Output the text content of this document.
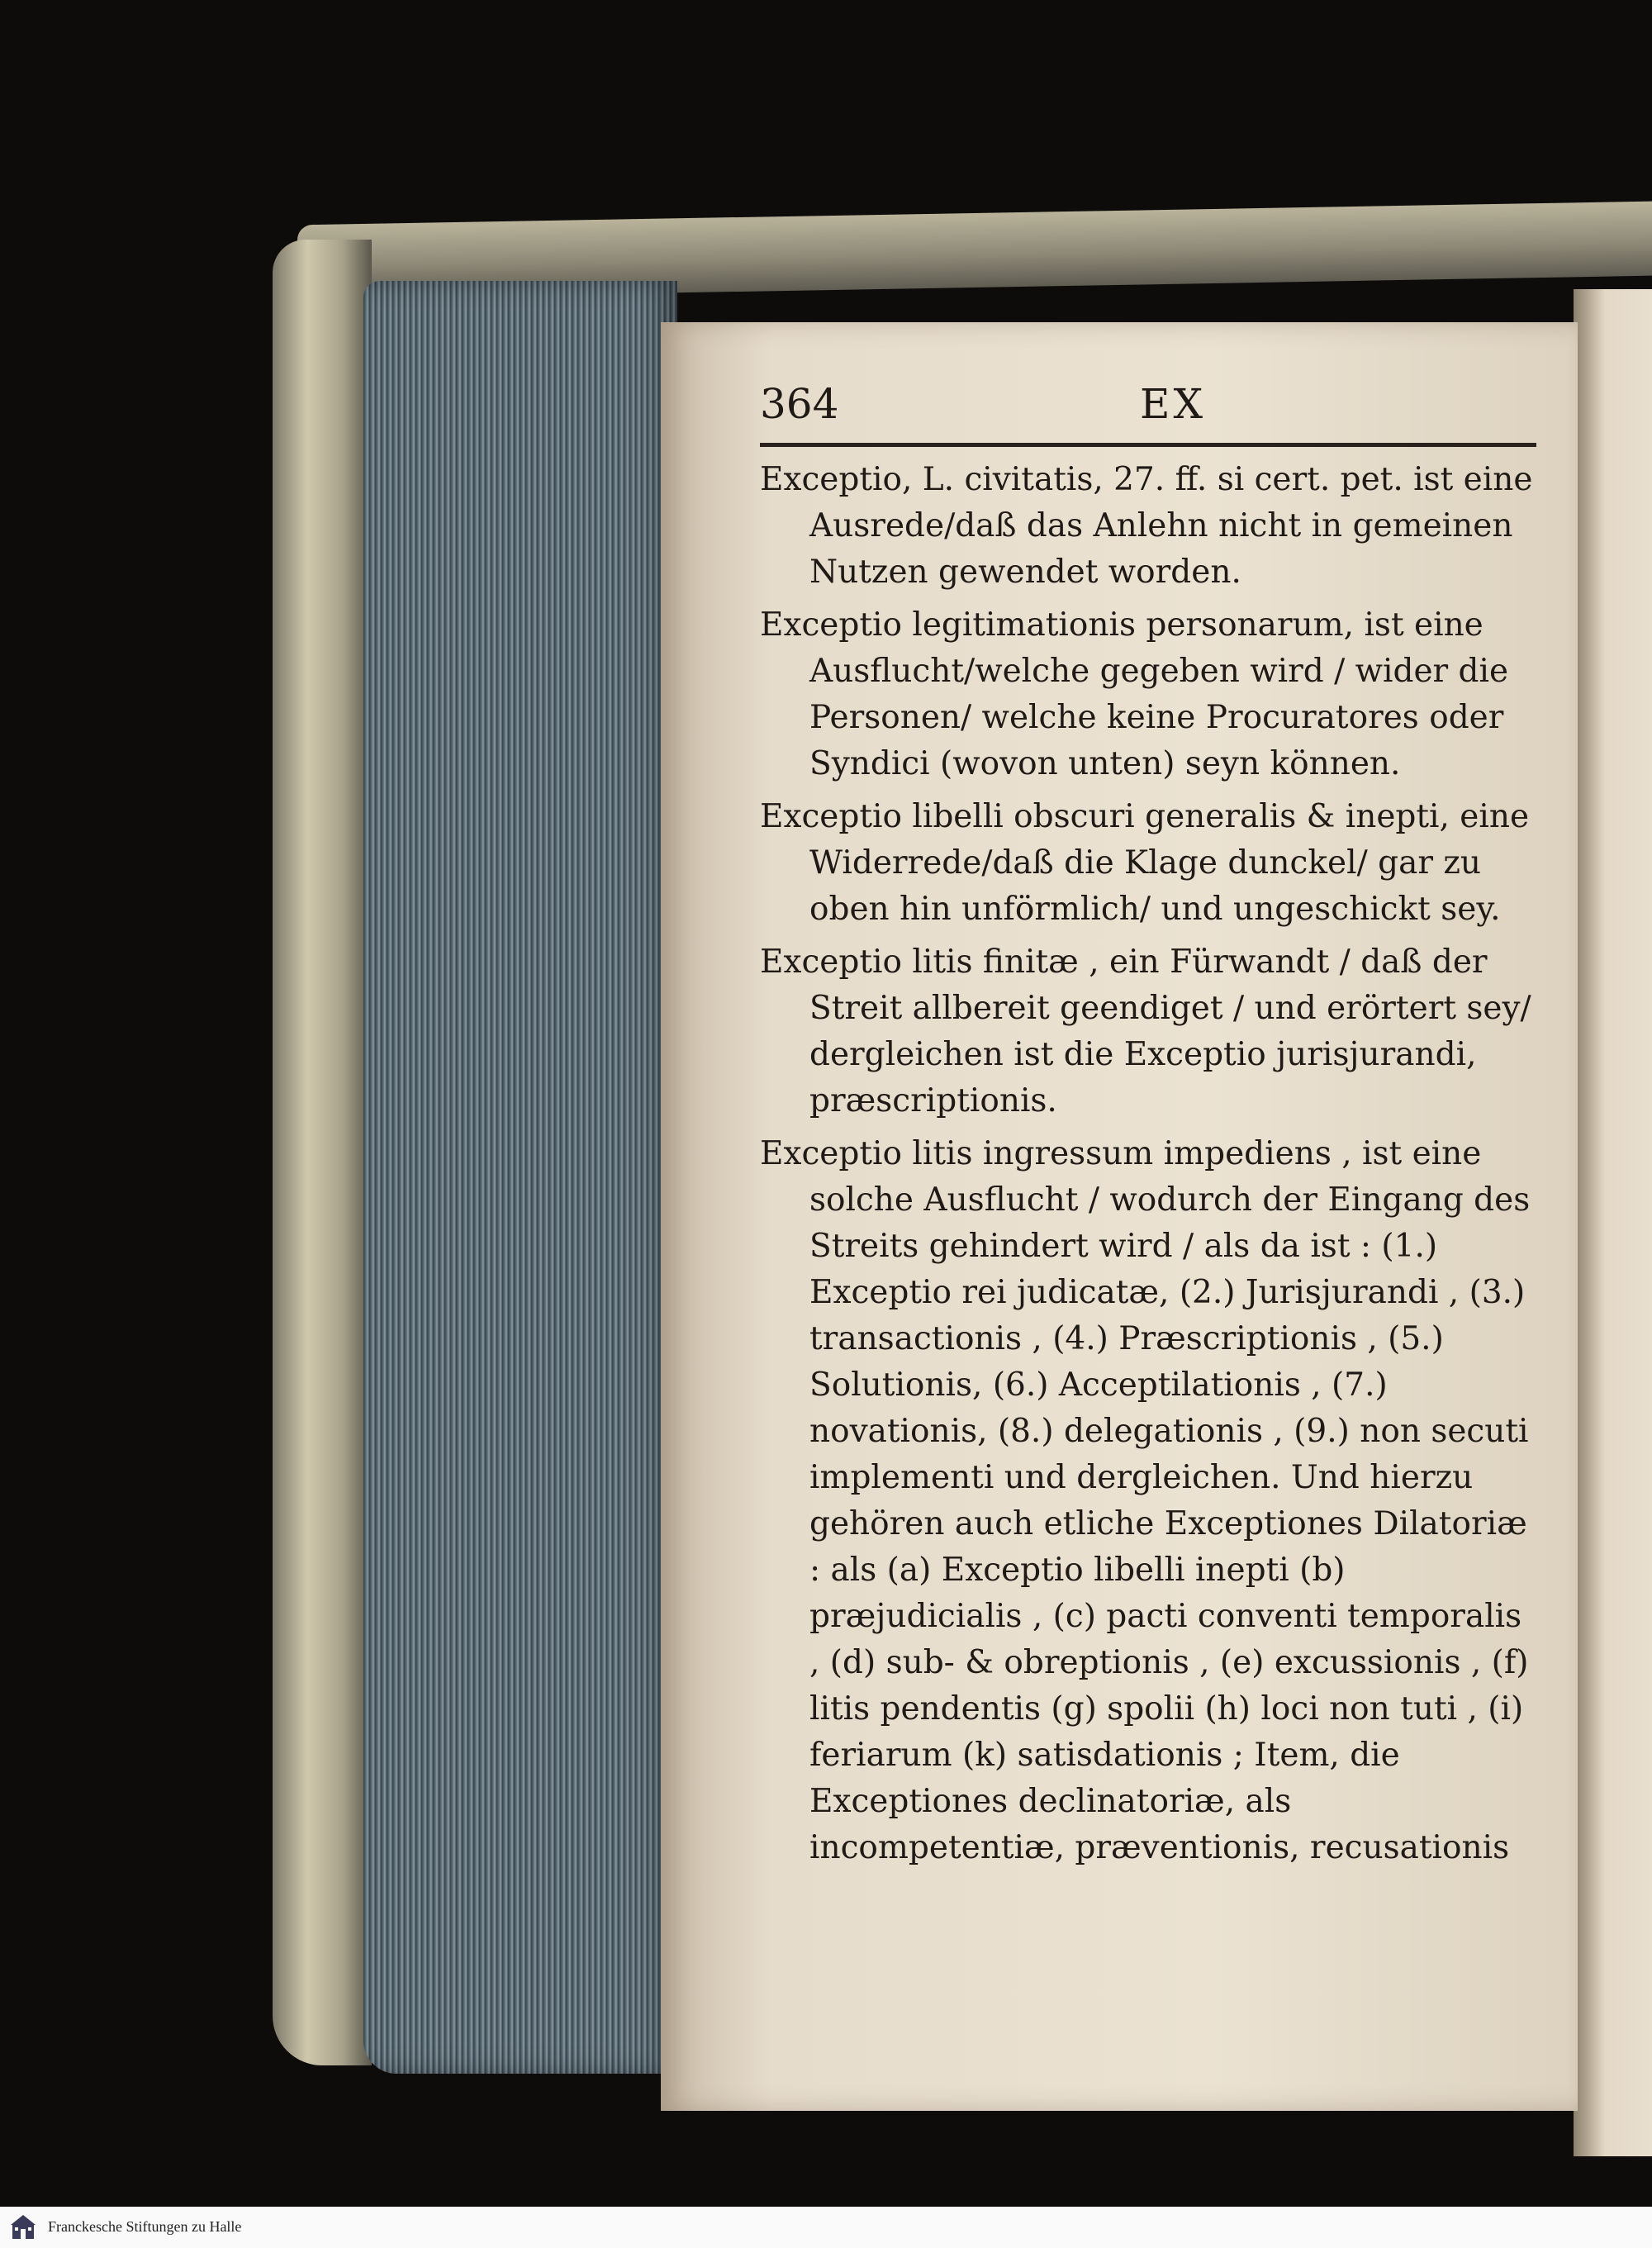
364	EX
Exceptio, L. civitatis, 27. ff. si cert. pet. ist eine Ausrede/daß das Anlehn nicht in gemeinen Nutzen gewendet worden.
Exceptio legitimationis personarum, ist eine Ausflucht/welche gegeben wird / wider die Personen/ welche keine Procuratores oder Syndici (wovon unten) seyn können.
Exceptio libelli obscuri generalis & inepti, eine Widerrede/daß die Klage dunckel/ gar zu oben hin unförmlich/ und ungeschickt sey.
Exceptio litis finitæ , ein Fürwandt / daß der Streit allbereit geendiget / und erörtert sey/ dergleichen ist die Exceptio jurisjurandi, præscriptionis.
Exceptio litis ingressum impediens , ist eine solche Ausflucht / wodurch der Eingang des Streits gehindert wird / als da ist : (1.) Exceptio rei judicatæ, (2.) Jurisjurandi , (3.) transactionis , (4.) Præscriptionis , (5.) Solutionis, (6.) Acceptilationis , (7.) novationis, (8.) delegationis , (9.) non secuti implementi und dergleichen. Und hierzu gehören auch etliche Exceptiones Dilatoriæ : als (a) Exceptio libelli inepti (b) præjudicialis , (c) pacti conventi temporalis , (d) sub- & obreptionis , (e) excussionis , (f) litis pendentis (g) spolii (h) loci non tuti , (i) feriarum (k) satisdationis ; Item, die Exceptiones declinatoriæ, als incompetentiæ, præventionis, recusationis
Franckesche Stiftungen zu Halle
